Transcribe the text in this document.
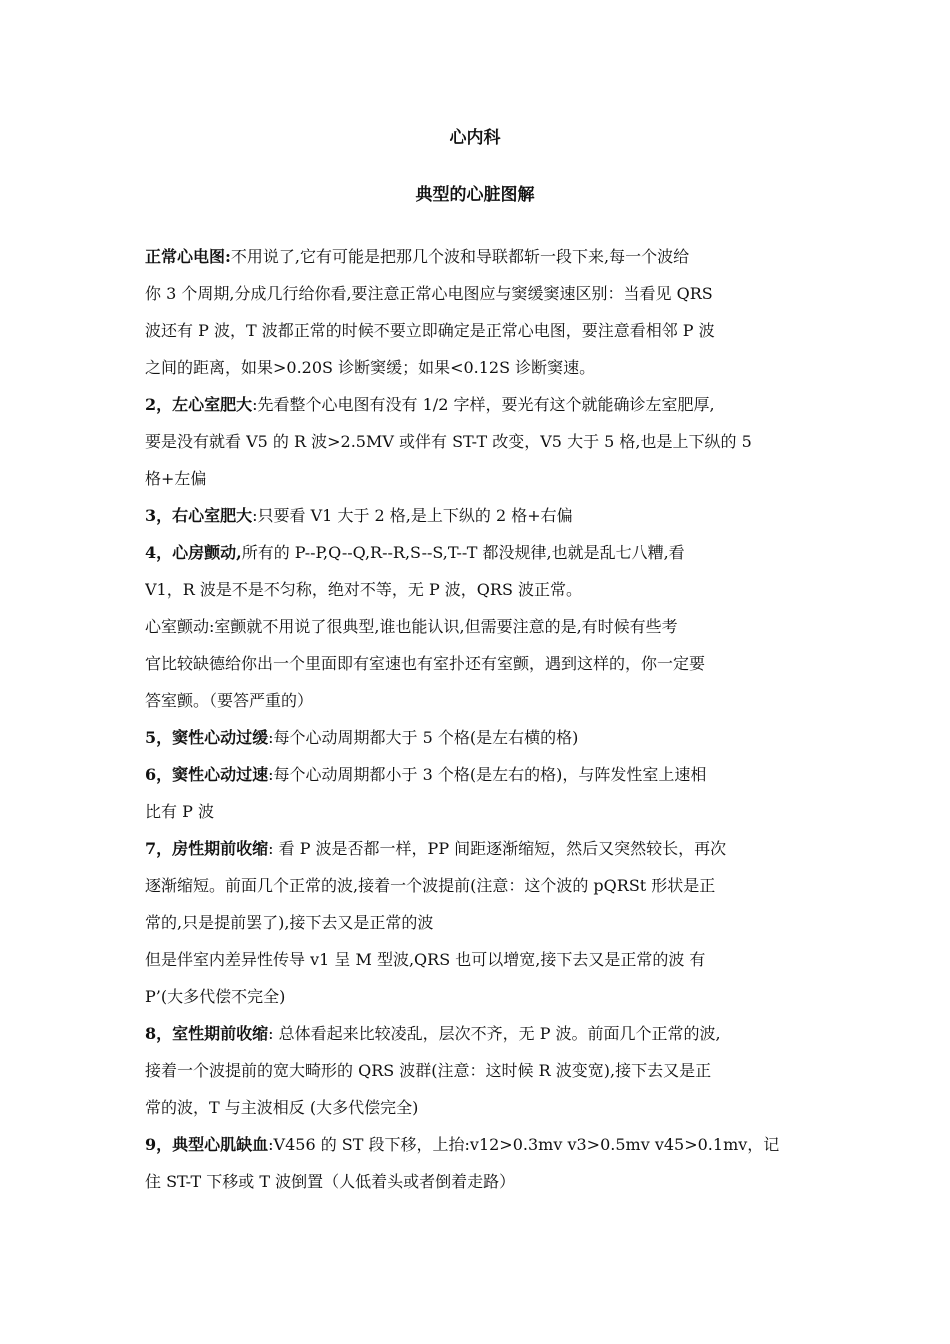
心内科
典型的心脏图解
正常心电图:不用说了,它有可能是把那几个波和导联都斩一段下来,每一个波给
你 3 个周期,分成几行给你看,要注意正常心电图应与窦缓窦速区别：当看见 QRS
波还有 P 波，T 波都正常的时候不要立即确定是正常心电图，要注意看相邻 P 波
之间的距离，如果>0.20S 诊断窦缓；如果<0.12S 诊断窦速。
2，左心室肥大:先看整个心电图有没有 1/2 字样，要光有这个就能确诊左室肥厚,
要是没有就看 V5 的 R 波>2.5MV 或伴有 ST-T 改变，V5 大于 5 格,也是上下纵的 5
格+左偏
3，右心室肥大:只要看 V1 大于 2 格,是上下纵的 2 格+右偏
4，心房颤动,所有的 P--P,Q--Q,R--R,S--S,T--T 都没规律,也就是乱七八糟,看
V1，R 波是不是不匀称，绝对不等，无 P 波，QRS 波正常。
心室颤动:室颤就不用说了很典型,谁也能认识,但需要注意的是,有时候有些考
官比较缺德给你出一个里面即有室速也有室扑还有室颤，遇到这样的，你一定要
答室颤。（要答严重的）
5，窦性心动过缓:每个心动周期都大于 5 个格(是左右横的格)
6，窦性心动过速:每个心动周期都小于 3 个格(是左右的格)，与阵发性室上速相
比有 P 波
7，房性期前收缩: 看 P 波是否都一样，PP 间距逐渐缩短，然后又突然较长，再次
逐渐缩短。前面几个正常的波,接着一个波提前(注意：这个波的 pQRSt 形状是正
常的,只是提前罢了),接下去又是正常的波
但是伴室内差异性传导 v1 呈 M 型波,QRS 也可以增宽,接下去又是正常的波 有
P’(大多代偿不完全)
8，室性期前收缩: 总体看起来比较凌乱，层次不齐，无 P 波。前面几个正常的波,
接着一个波提前的宽大畸形的 QRS 波群(注意：这时候 R 波变宽),接下去又是正
常的波，T 与主波相反 (大多代偿完全)
9，典型心肌缺血:V456 的 ST 段下移，上抬:v12>0.3mv v3>0.5mv v45>0.1mv，记
住 ST-T 下移或 T 波倒置（人低着头或者倒着走路）
